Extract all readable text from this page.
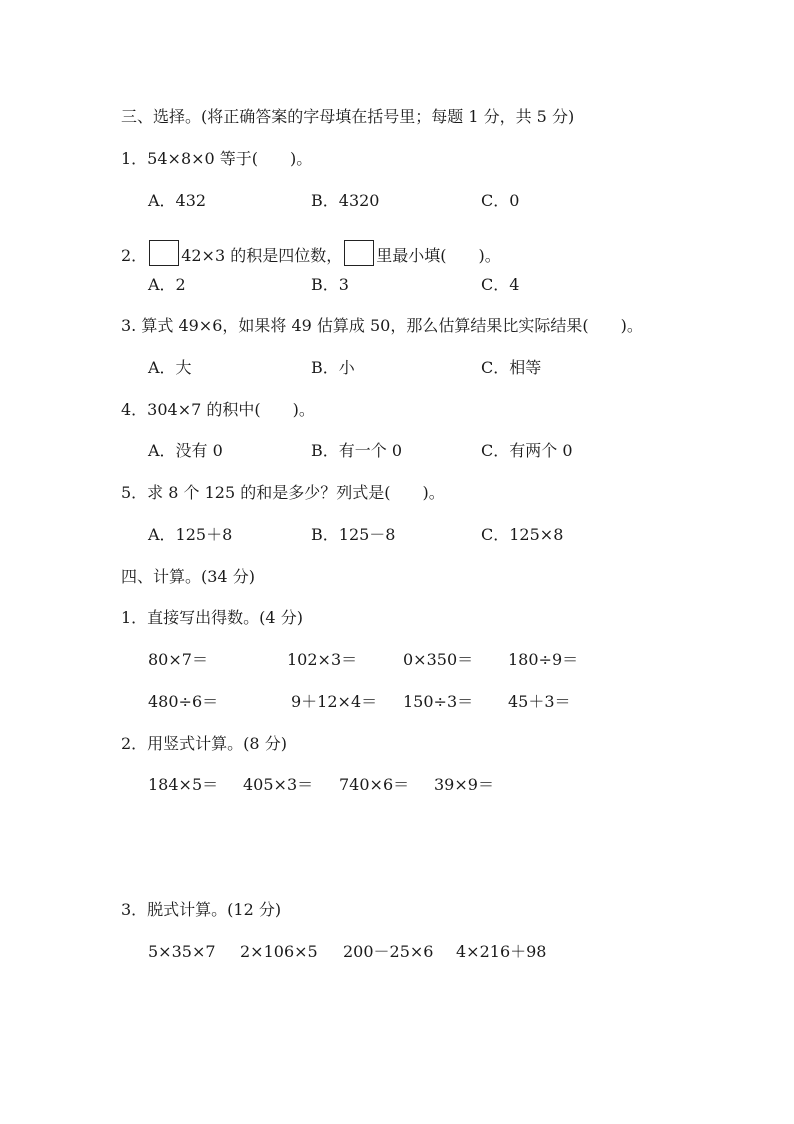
三、选择。(将正确答案的字母填在括号里；每题 1 分，共 5 分)
1．54×8×0 等于(　　)。
A．432	B．4320	C．0
2． 42×3 的积是四位数， 里最小填(　　)。
A．2	B．3	C．4
3. 算式 49×6，如果将 49 估算成 50，那么估算结果比实际结果(　　)。
A．大	B．小	C．相等
4．304×7 的积中(　　)。
A．没有 0	B．有一个 0	C．有两个 0
5．求 8 个 125 的和是多少？列式是(　　)。
A．125＋8	B．125－8	C．125×8
四、计算。(34 分)
1．直接写出得数。(4 分)
80×7＝	102×3＝	0×350＝ 180÷9＝
480÷6＝	9＋12×4＝ 150÷3＝ 45＋3＝
2．用竖式计算。(8 分)
184×5＝ 405×3＝ 740×6＝ 39×9＝
3．脱式计算。(12 分)
5×35×7 2×106×5 200－25×6 4×216＋98
